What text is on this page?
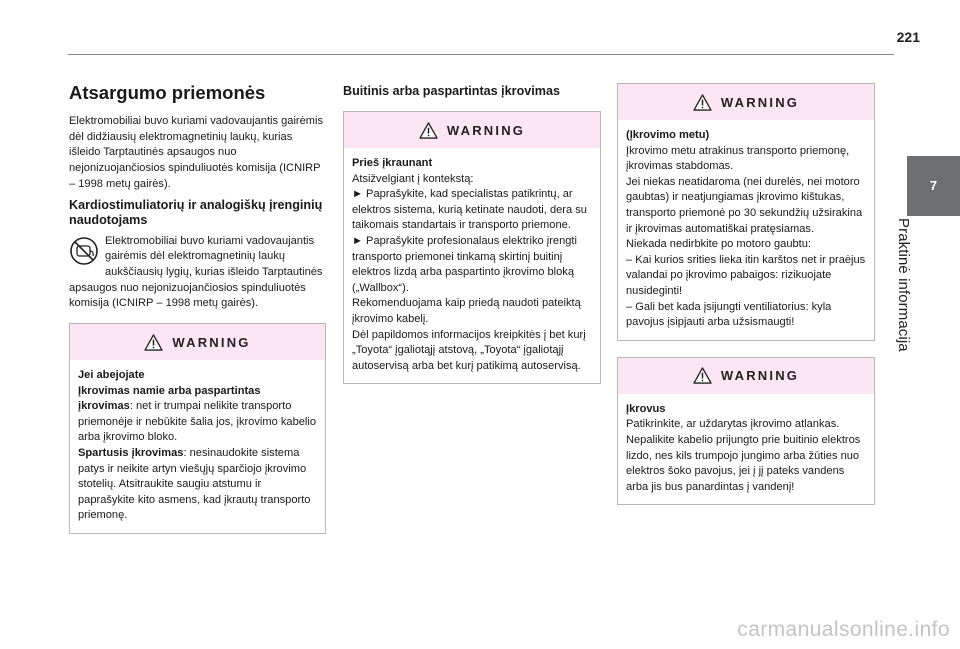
221
7
Praktinė informacija
Atsargumo priemonės

Elektromobiliai buvo kuriami vadovaujantis gairėmis dėl didžiausių elektromagnetinių laukų, kurias išleido Tarptautinės apsaugos nuo nejonizuojančiosios spinduliuotės komisija (ICNIRP – 1998 metų gairės).

Kardiostimuliatorių ir analogiškų įrenginių naudotojams

Elektromobiliai buvo kuriami vadovaujantis gairėmis dėl elektromagnetinių laukų aukščiausių lygių, kurias išleido Tarptautinės apsaugos nuo nejonizuojančiosios spinduliuotės komisija (ICNIRP – 1998 metų gairės).

WARNING

Jei abejojate

Įkrovimas namie arba paspartintas įkrovimas: net ir trumpai nelikite transporto priemonėje ir nebūkite šalia jos, įkrovimo kabelio arba įkrovimo bloko.

Spartusis įkrovimas: nesinaudokite sistema patys ir neikite artyn viešųjų sparčiojo įkrovimo stotelių. Atsitraukite saugiu atstumu ir paprašykite kito asmens, kad įkrautų transporto priemonę.

Buitinis arba paspartintas įkrovimas
WARNING

Prieš įkraunant

Atsižvelgiant į kontekstą:

► Paprašykite, kad specialistas patikrintų, ar elektros sistema, kurią ketinate naudoti, dera su taikomais standartais ir transporto priemone.

► Paprašykite profesionalaus elektriko įrengti transporto priemonei tinkamą skirtinį buitinį elektros lizdą arba paspartinto įkrovimo bloką („Wallbox“).

Rekomenduojama kaip priedą naudoti pateiktą įkrovimo kabelį.

Dėl papildomos informacijos kreipkitės į bet kurį „Toyota“ įgaliotąjį atstovą, „Toyota“ įgaliotąjį autoservisą arba bet kurį patikimą autoservisą.

WARNING

(Įkrovimo metu)

Įkrovimo metu atrakinus transporto priemonę, įkrovimas stabdomas.

Jei niekas neatidaroma (nei durelės, nei motoro gaubtas) ir neatjungiamas įkrovimo kištukas, transporto priemonė po 30 sekundžių užsirakina ir įkrovimas automatiškai pratęsiamas.

Niekada nedirbkite po motoro gaubtu:

– Kai kurios srities lieka itin karštos net ir praėjus valandai po įkrovimo pabaigos: rizikuojate nusideginti!

– Gali bet kada įsijungti ventiliatorius: kyla pavojus įsipjauti arba užsismaugti!

WARNING

Įkrovus

Patikrinkite, ar uždarytas įkrovimo atlankas. Nepalikite kabelio prijungto prie buitinio elektros lizdo, nes kils trumpojo jungimo arba žūties nuo elektros šoko pavojus, jei į jį pateks vandens arba jis bus panardintas į vandenį!

carmanualsonline.info
